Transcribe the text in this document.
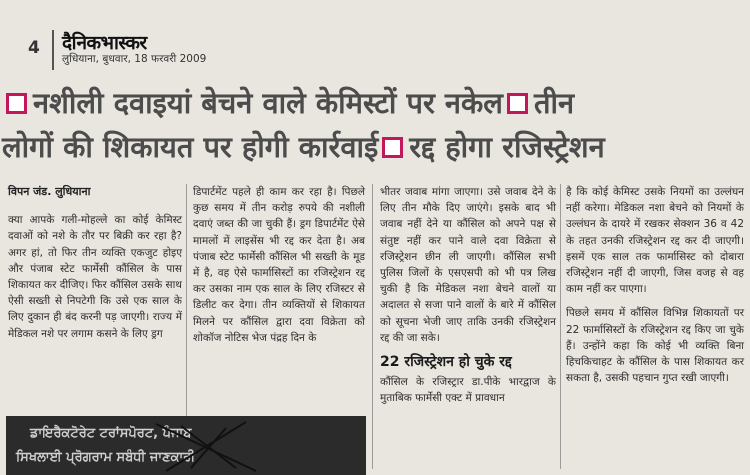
4 दैनिकभास्कर
लुधियाना, बुधवार, 18 फरवरी 2009
नशीली दवाइयां बेचने वाले केमिस्टों पर नकेल तीन
लोगों की शिकायत पर होगी कार्रवाई रद्द होगा रजिस्ट्रेशन

विपन जंड. लुधियाना

क्या आपके गली-मोहल्ले का कोई केमिस्ट दवाओं को नशे के तौर पर बिक्री कर रहा है? अगर हां, तो फिर तीन व्यक्ति एकजुट होइए और पंजाब स्टेट फार्मेसी कौंसिल के पास शिकायत कर दीजिए। फिर कौंसिल उसके साथ ऐसी सख्ती से निपटेगी कि उसे एक साल के लिए दुकान ही बंद करनी पड़ जाएगी। राज्य में मेडिकल नशे पर लगाम कसने के लिए ड्रग

डिपार्टमेंट पहले ही काम कर रहा है। पिछले कुछ समय में तीन करोड़ रुपये की नशीली दवाएं जब्त की जा चुकी हैं। ड्रग डिपार्टमेंट ऐसे मामलों में लाइसेंस भी रद्द कर देता है। अब पंजाब स्टेट फार्मेसी कौंसिल भी सख्ती के मूड में है, वह ऐसे फार्मासिस्टों का रजिस्ट्रेशन रद्द कर उसका नाम एक साल के लिए रजिस्टर से डिलीट कर देगा। तीन व्यक्तियों से शिकायत मिलने पर कौंसिल द्वारा दवा विक्रेता को शोकॉज नोटिस भेज पंद्रह दिन के

भीतर जवाब मांगा जाएगा। उसे जवाब देने के लिए तीन मौके दिए जाएंगे। इसके बाद भी जवाब नहीं देने या कौंसिल को अपने पक्ष से संतुष्ट नहीं कर पाने वाले दवा विक्रेता से रजिस्ट्रेशन छीन ली जाएगी। कौंसिल सभी पुलिस जिलों के एसएसपी को भी पत्र लिख चुकी है कि मेडिकल नशा बेचने वालों या अदालत से सजा पाने वालों के बारे में कौंसिल को सूचना भेजी जाए ताकि उनकी रजिस्ट्रेशन रद्द की जा सके।

22 रजिस्ट्रेशन हो चुके रद्द

कौंसिल के रजिस्ट्रार डा.पीके भारद्वाज के मुताबिक फार्मेसी एक्ट में प्रावधान

है कि कोई केमिस्ट उसके नियमों का उल्लंघन नहीं करेगा। मेडिकल नशा बेचने को नियमों के उल्लंघन के दायरे में रखकर सेक्शन 36 व 42 के तहत उनकी रजिस्ट्रेशन रद्द कर दी जाएगी। इसमें एक साल तक फार्मासिस्ट को दोबारा रजिस्ट्रेशन नहीं दी जाएगी, जिस वजह से वह काम नहीं कर पाएगा।

पिछले समय में कौंसिल विभिन्न शिकायतों पर 22 फार्मासिस्टों के रजिस्ट्रेशन रद्द किए जा चुके हैं। उन्होंने कहा कि कोई भी व्यक्ति बिना हिचकिचाहट के कौंसिल के पास शिकायत कर सकता है, उसकी पहचान गुप्त रखी जाएगी।

ਡਾਇਰੈਕਟੋਰੇਟ ਟਰਾਂਸਪੋਰਟ, ਪੰਜਾਬ
ਸਿਖਲਾਈ ਪ੍ਰੋਗਰਾਮ ਸਬੰਧੀ ਜਾਣਕਾਰੀ
